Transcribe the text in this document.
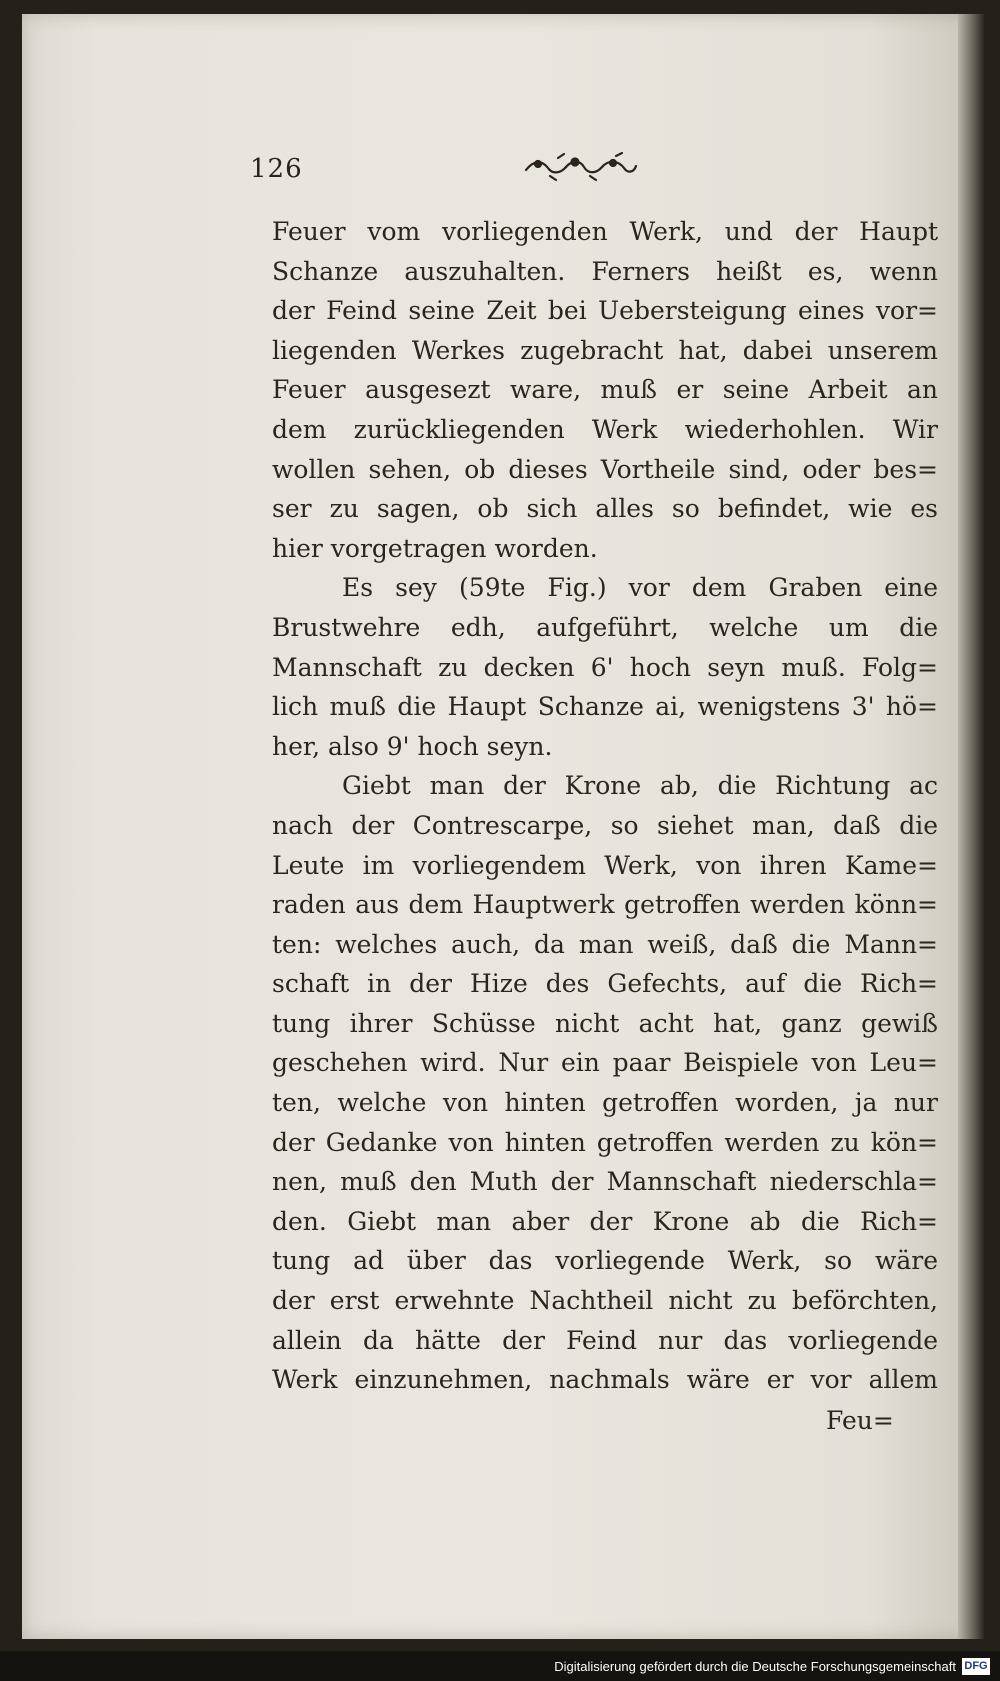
126
Feuer vom vorliegenden Werk, und der Haupt
Schanze auszuhalten. Ferners heißt es, wenn
der Feind seine Zeit bei Uebersteigung eines vor=
liegenden Werkes zugebracht hat, dabei unserem
Feuer ausgesezt ware, muß er seine Arbeit an
dem zurückliegenden Werk wiederhohlen. Wir
wollen sehen, ob dieses Vortheile sind, oder bes=
ser zu sagen, ob sich alles so befindet, wie es
hier vorgetragen worden.
Es sey (59te Fig.) vor dem Graben eine
Brustwehre edh, aufgeführt, welche um die
Mannschaft zu decken 6' hoch seyn muß. Folg=
lich muß die Haupt Schanze ai, wenigstens 3' hö=
her, also 9' hoch seyn.
Giebt man der Krone ab, die Richtung ac
nach der Contrescarpe, so siehet man, daß die
Leute im vorliegendem Werk, von ihren Kame=
raden aus dem Hauptwerk getroffen werden könn=
ten: welches auch, da man weiß, daß die Mann=
schaft in der Hize des Gefechts, auf die Rich=
tung ihrer Schüsse nicht acht hat, ganz gewiß
geschehen wird. Nur ein paar Beispiele von Leu=
ten, welche von hinten getroffen worden, ja nur
der Gedanke von hinten getroffen werden zu kön=
nen, muß den Muth der Mannschaft niederschla=
den. Giebt man aber der Krone ab die Rich=
tung ad über das vorliegende Werk, so wäre
der erst erwehnte Nachtheil nicht zu beförchten,
allein da hätte der Feind nur das vorliegende
Werk einzunehmen, nachmals wäre er vor allem
Feu=
Digitalisierung gefördert durch die Deutsche Forschungsgemeinschaft DFG
